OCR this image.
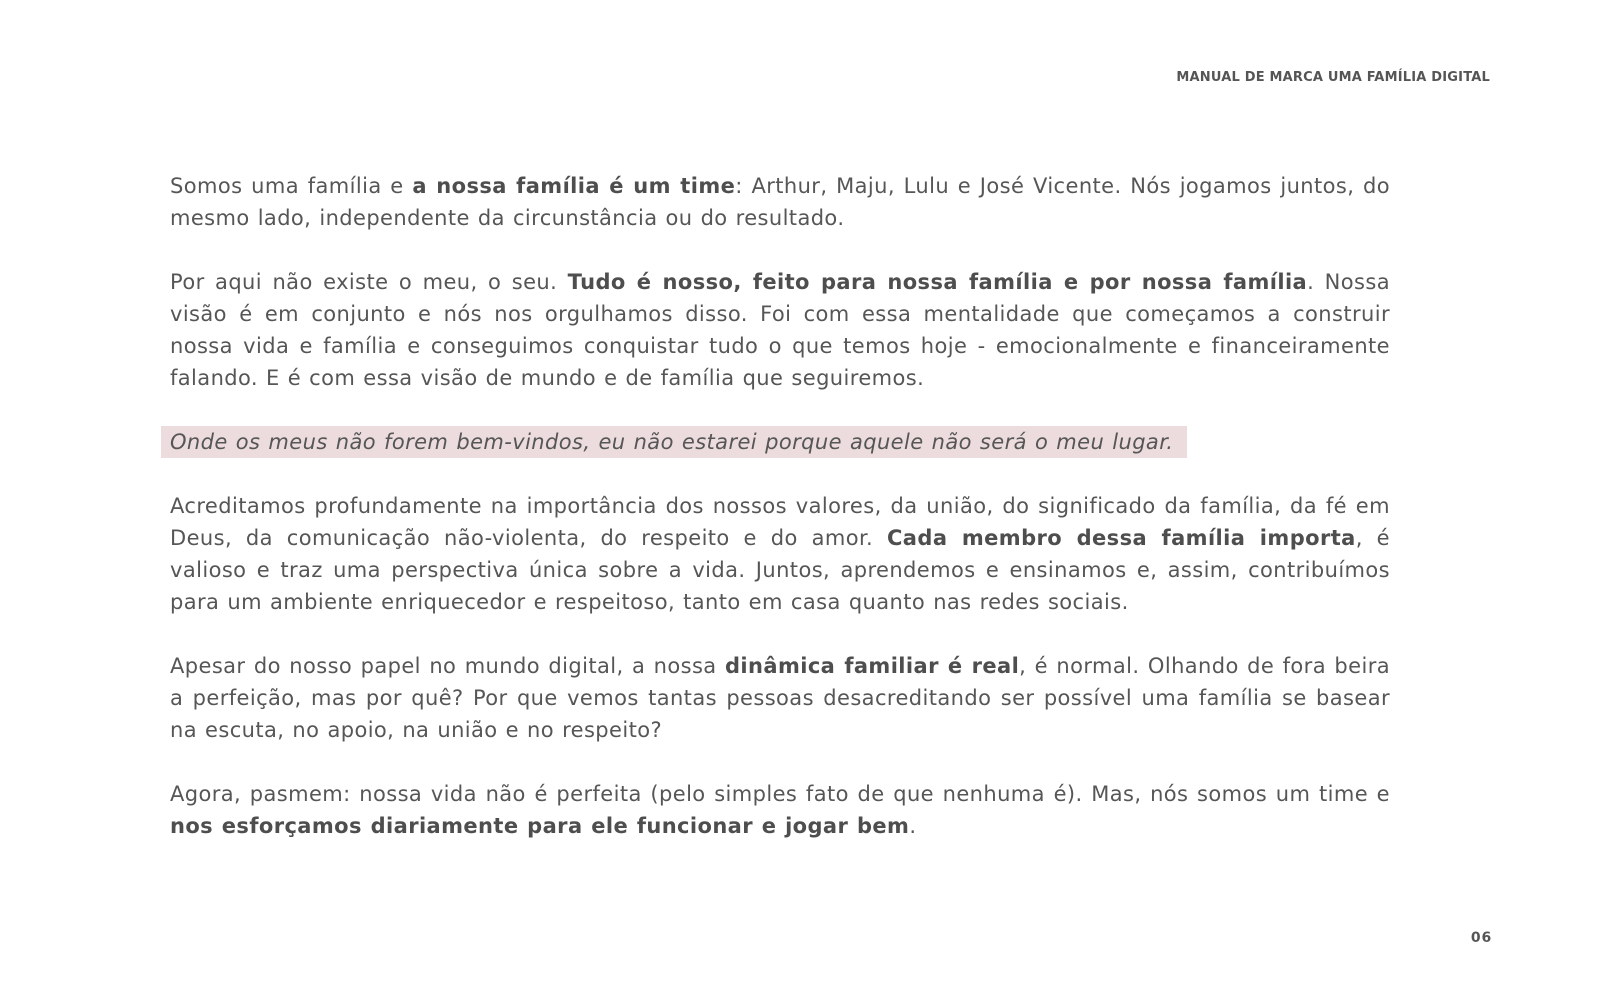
MANUAL DE MARCA UMA FAMÍLIA DIGITAL

Somos uma família e a nossa família é um time: Arthur, Maju, Lulu e José Vicente. Nós jogamos juntos, do mesmo lado, independente da circunstância ou do resultado.

Por aqui não existe o meu, o seu. Tudo é nosso, feito para nossa família e por nossa família. Nossa visão é em conjunto e nós nos orgulhamos disso. Foi com essa mentalidade que começamos a construir nossa vida e família e conseguimos conquistar tudo o que temos hoje - emocionalmente e financeiramente falando. E é com essa visão de mundo e de família que seguiremos.

Onde os meus não forem bem-vindos, eu não estarei porque aquele não será o meu lugar.

Acreditamos profundamente na importância dos nossos valores, da união, do significado da família, da fé em Deus, da comunicação não-violenta, do respeito e do amor. Cada membro dessa família importa, é valioso e traz uma perspectiva única sobre a vida. Juntos, aprendemos e ensinamos e, assim, contribuímos para um ambiente enriquecedor e respeitoso, tanto em casa quanto nas redes sociais.

Apesar do nosso papel no mundo digital, a nossa dinâmica familiar é real, é normal. Olhando de fora beira a perfeição, mas por quê? Por que vemos tantas pessoas desacreditando ser possível uma família se basear na escuta, no apoio, na união e no respeito?

Agora, pasmem: nossa vida não é perfeita (pelo simples fato de que nenhuma é). Mas, nós somos um time e nos esforçamos diariamente para ele funcionar e jogar bem.

06
